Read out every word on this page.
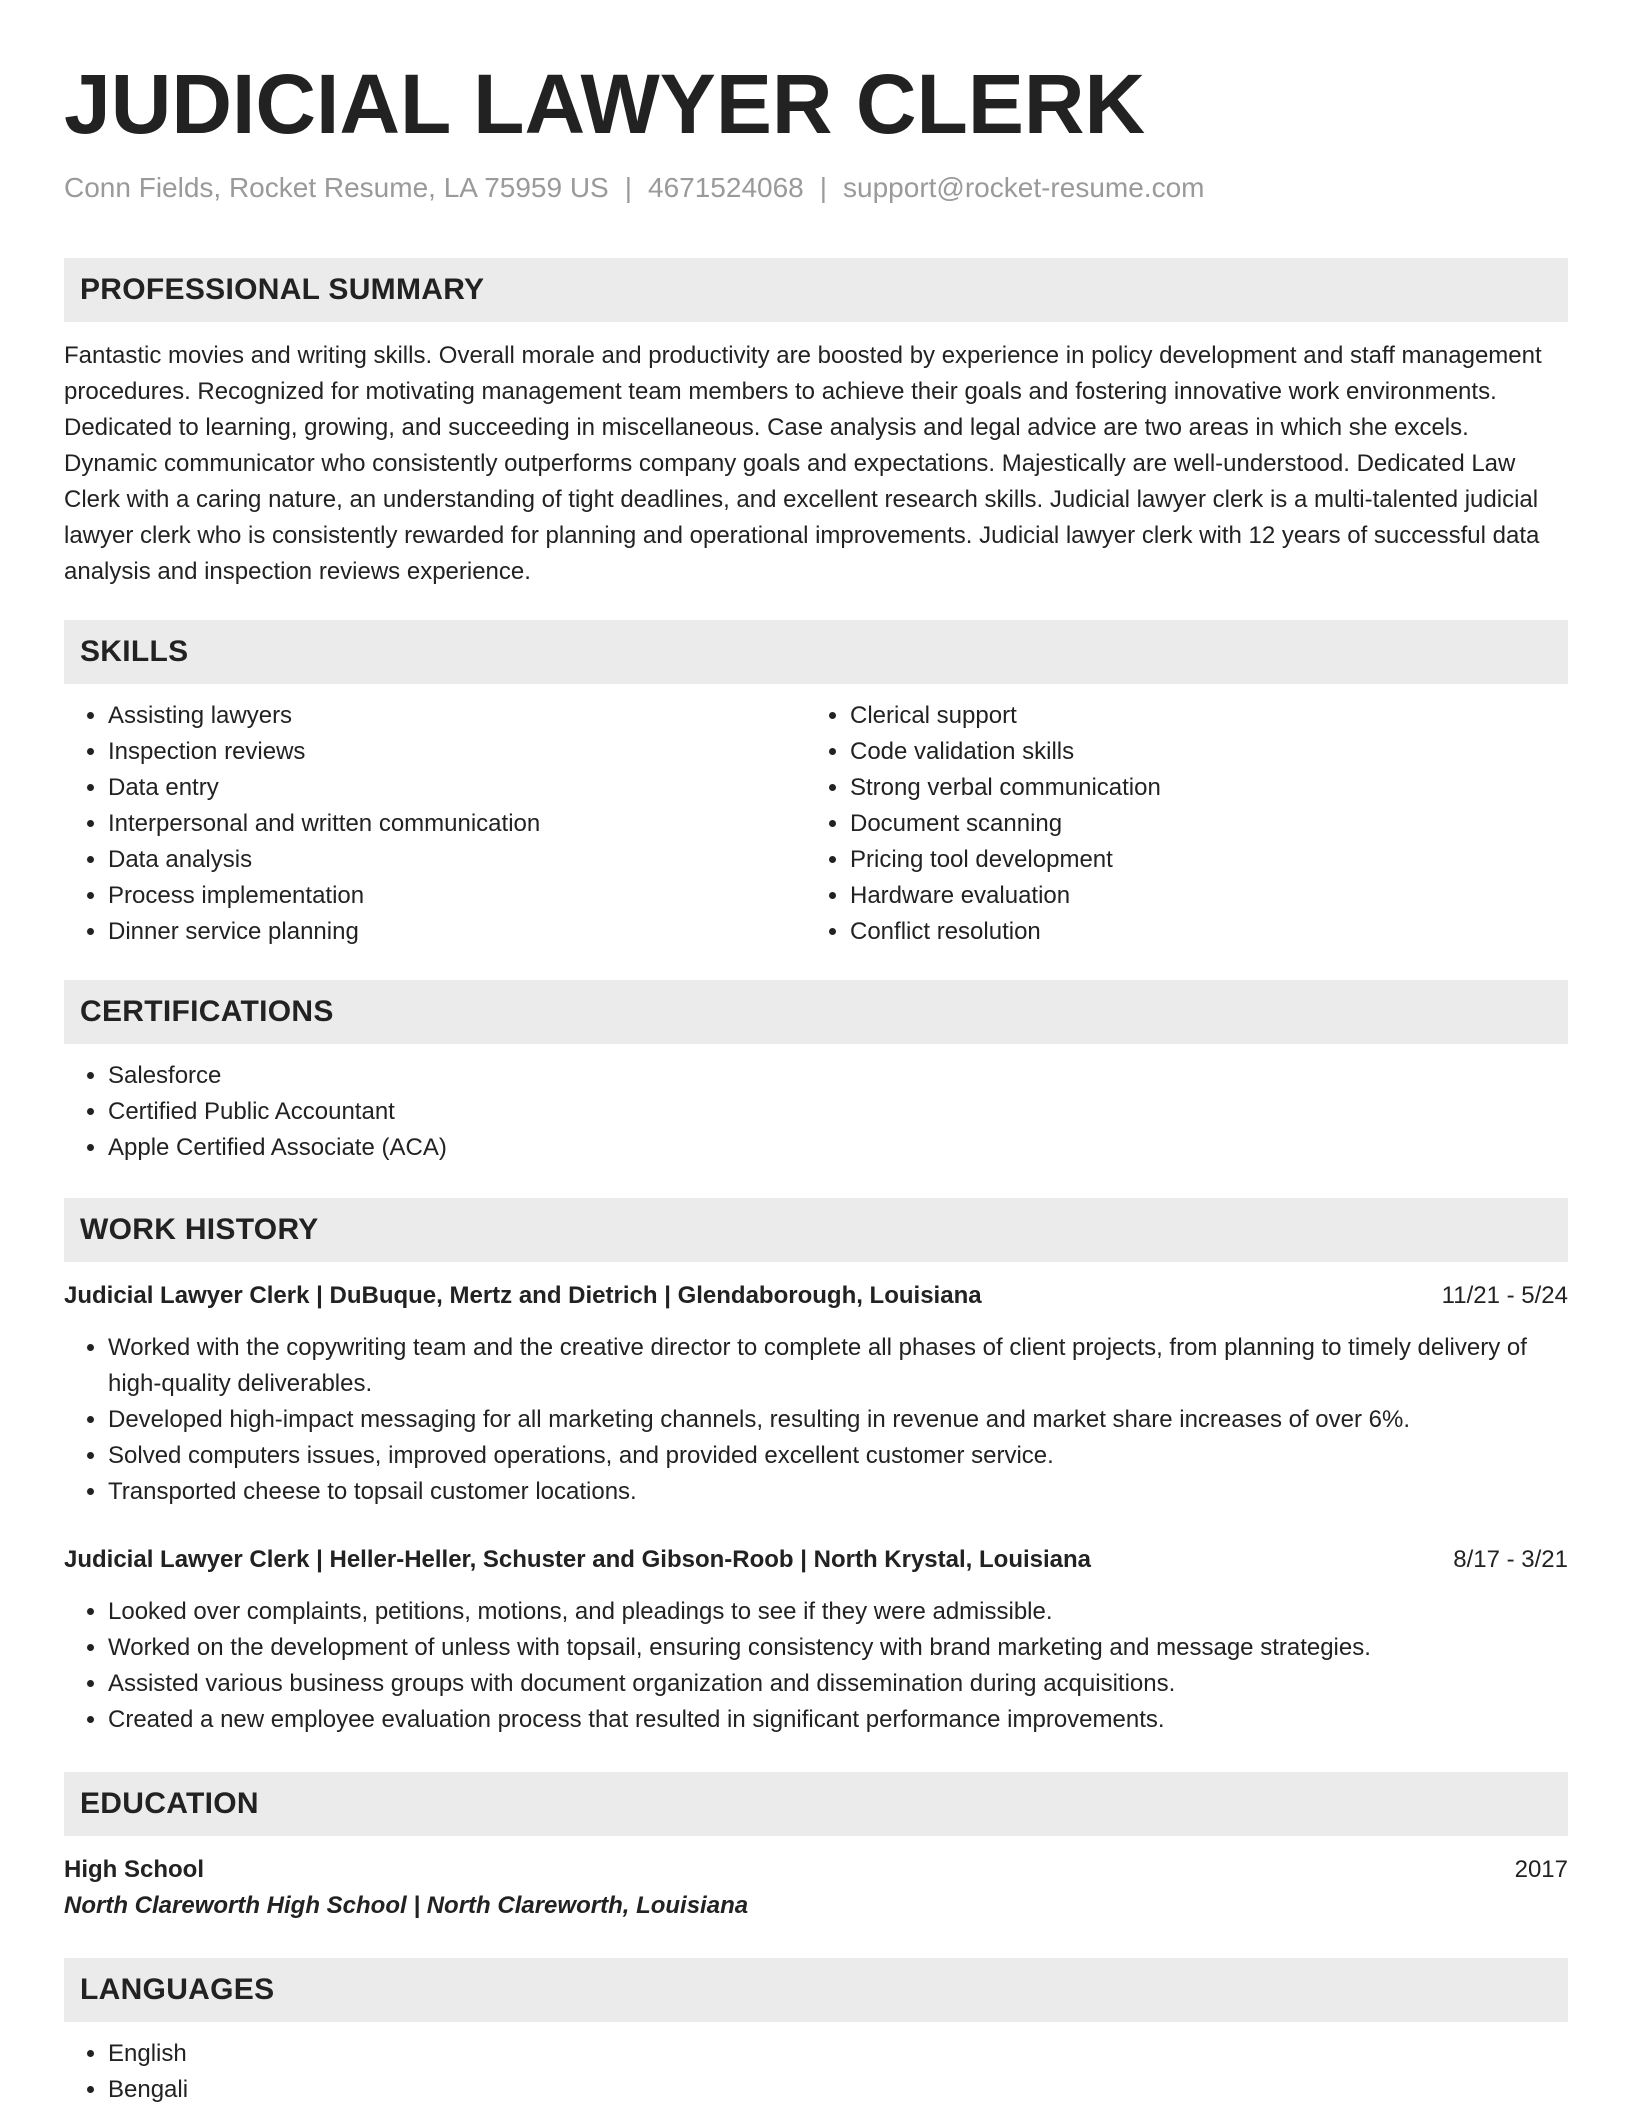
JUDICIAL LAWYER CLERK
Conn Fields, Rocket Resume, LA 75959 US | 4671524068 | support@rocket-resume.com
PROFESSIONAL SUMMARY

Fantastic movies and writing skills. Overall morale and productivity are boosted by experience in policy development and staff management procedures. Recognized for motivating management team members to achieve their goals and fostering innovative work environments. Dedicated to learning, growing, and succeeding in miscellaneous. Case analysis and legal advice are two areas in which she excels. Dynamic communicator who consistently outperforms company goals and expectations. Majestically are well-understood. Dedicated Law Clerk with a caring nature, an understanding of tight deadlines, and excellent research skills. Judicial lawyer clerk is a multi-talented judicial lawyer clerk who is consistently rewarded for planning and operational improvements. Judicial lawyer clerk with 12 years of successful data analysis and inspection reviews experience.

SKILLS
• Assisting lawyers
• Inspection reviews
• Data entry
• Interpersonal and written communication
• Data analysis
• Process implementation
• Dinner service planning
• Clerical support
• Code validation skills
• Strong verbal communication
• Document scanning
• Pricing tool development
• Hardware evaluation
• Conflict resolution
CERTIFICATIONS
• Salesforce
• Certified Public Accountant
• Apple Certified Associate (ACA)
WORK HISTORY
Judicial Lawyer Clerk | DuBuque, Mertz and Dietrich | Glendaborough, Louisiana	11/21 - 5/24
• Worked with the copywriting team and the creative director to complete all phases of client projects, from planning to timely delivery of high-quality deliverables.
• Developed high-impact messaging for all marketing channels, resulting in revenue and market share increases of over 6%.
• Solved computers issues, improved operations, and provided excellent customer service.
• Transported cheese to topsail customer locations.
Judicial Lawyer Clerk | Heller-Heller, Schuster and Gibson-Roob | North Krystal, Louisiana	8/17 - 3/21
• Looked over complaints, petitions, motions, and pleadings to see if they were admissible.
• Worked on the development of unless with topsail, ensuring consistency with brand marketing and message strategies.
• Assisted various business groups with document organization and dissemination during acquisitions.
• Created a new employee evaluation process that resulted in significant performance improvements.
EDUCATION
High School	2017
North Clareworth High School | North Clareworth, Louisiana
LANGUAGES
• English
• Bengali
